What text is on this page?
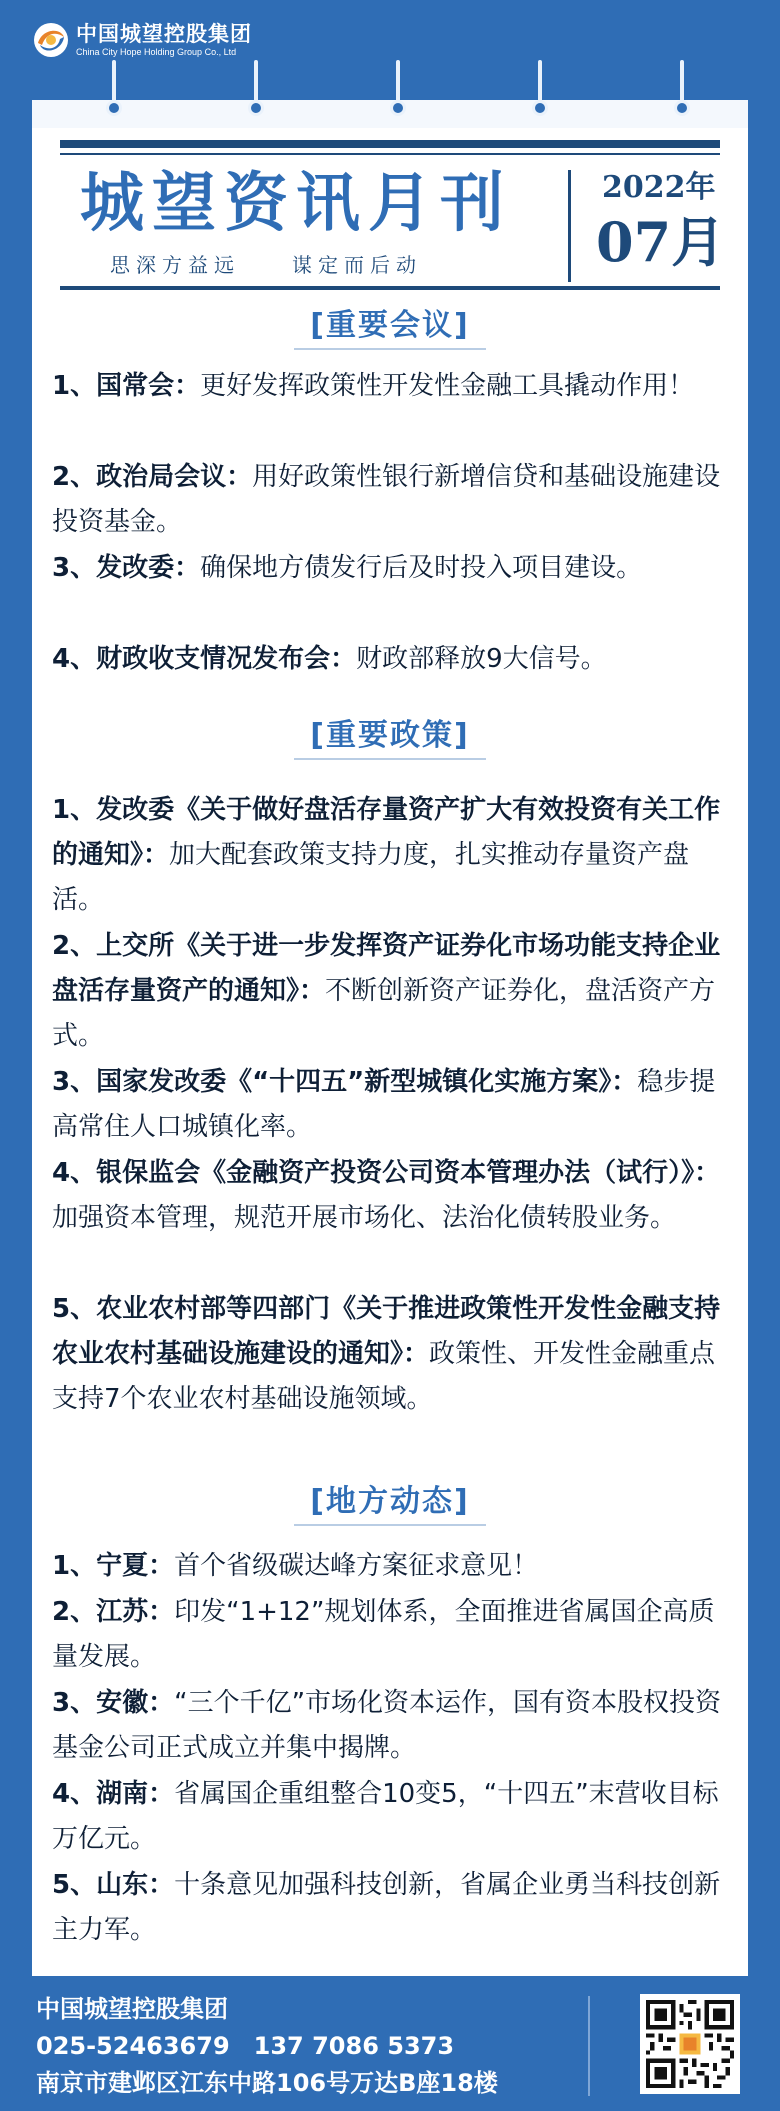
中国城望控股集团
China City Hope Holding Group Co., Ltd
城望资讯月刊
思深方益远　　谋定而后动
2022年
07月
[重要会议]
1、国常会：更好发挥政策性开发性金融工具撬动作用！
2、政治局会议：用好政策性银行新增信贷和基础设施建设投资基金。
3、发改委：确保地方债发行后及时投入项目建设。
4、财政收支情况发布会：财政部释放9大信号。
[重要政策]
1、发改委《关于做好盘活存量资产扩大有效投资有关工作的通知》：加大配套政策支持力度，扎实推动存量资产盘活。
2、上交所《关于进一步发挥资产证券化市场功能支持企业盘活存量资产的通知》：不断创新资产证券化，盘活资产方式。
3、国家发改委《“十四五”新型城镇化实施方案》：稳步提高常住人口城镇化率。
4、银保监会《金融资产投资公司资本管理办法（试行）》：加强资本管理，规范开展市场化、法治化债转股业务。
5、农业农村部等四部门《关于推进政策性开发性金融支持农业农村基础设施建设的通知》：政策性、开发性金融重点支持7个农业农村基础设施领域。
[地方动态]
1、宁夏：首个省级碳达峰方案征求意见！
2、江苏：印发“1+12”规划体系，全面推进省属国企高质量发展。
3、安徽：“三个千亿”市场化资本运作，国有资本股权投资基金公司正式成立并集中揭牌。
4、湖南：省属国企重组整合10变5，“十四五”末营收目标万亿元。
5、山东：十条意见加强科技创新，省属企业勇当科技创新主力军。
中国城望控股集团
025-52463679　137 7086 5373
南京市建邺区江东中路106号万达B座18楼
